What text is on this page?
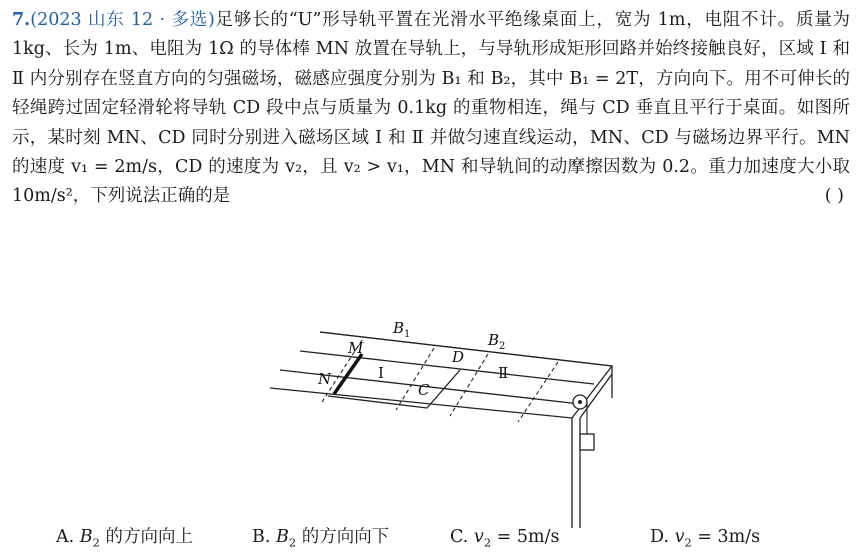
7.(2023 山东 12 · 多选)足够长的“U”形导轨平置在光滑水平绝缘桌面上，宽为 1m，电阻不计。质量为 1kg、长为 1m、电阻为 1Ω 的导体棒 MN 放置在导轨上，与导轨形成矩形回路并始终接触良好，区域 Ⅰ 和 Ⅱ 内分别存在竖直方向的匀强磁场，磁感应强度分别为 B₁ 和 B₂，其中 B₁ = 2T，方向向下。用不可伸长的轻绳跨过固定轻滑轮将导轨 CD 段中点与质量为 0.1kg 的重物相连，绳与 CD 垂直且平行于桌面。如图所示，某时刻 MN、CD 同时分别进入磁场区域 Ⅰ 和 Ⅱ 并做匀速直线运动，MN、CD 与磁场边界平行。MN 的速度 v₁ = 2m/s，CD 的速度为 v₂，且 v₂ > v₁，MN 和导轨间的动摩擦因数为 0.2。重力加速度大小取 10m/s²，下列说法正确的是	( )
$B_1$	$B_2$
M
N
D
C
Ⅰ	Ⅱ
A. $B_2$ 的方向向上	B. $B_2$ 的方向向下	C. $v_2 = 5m/s$	D. $v_2 = 3m/s$
